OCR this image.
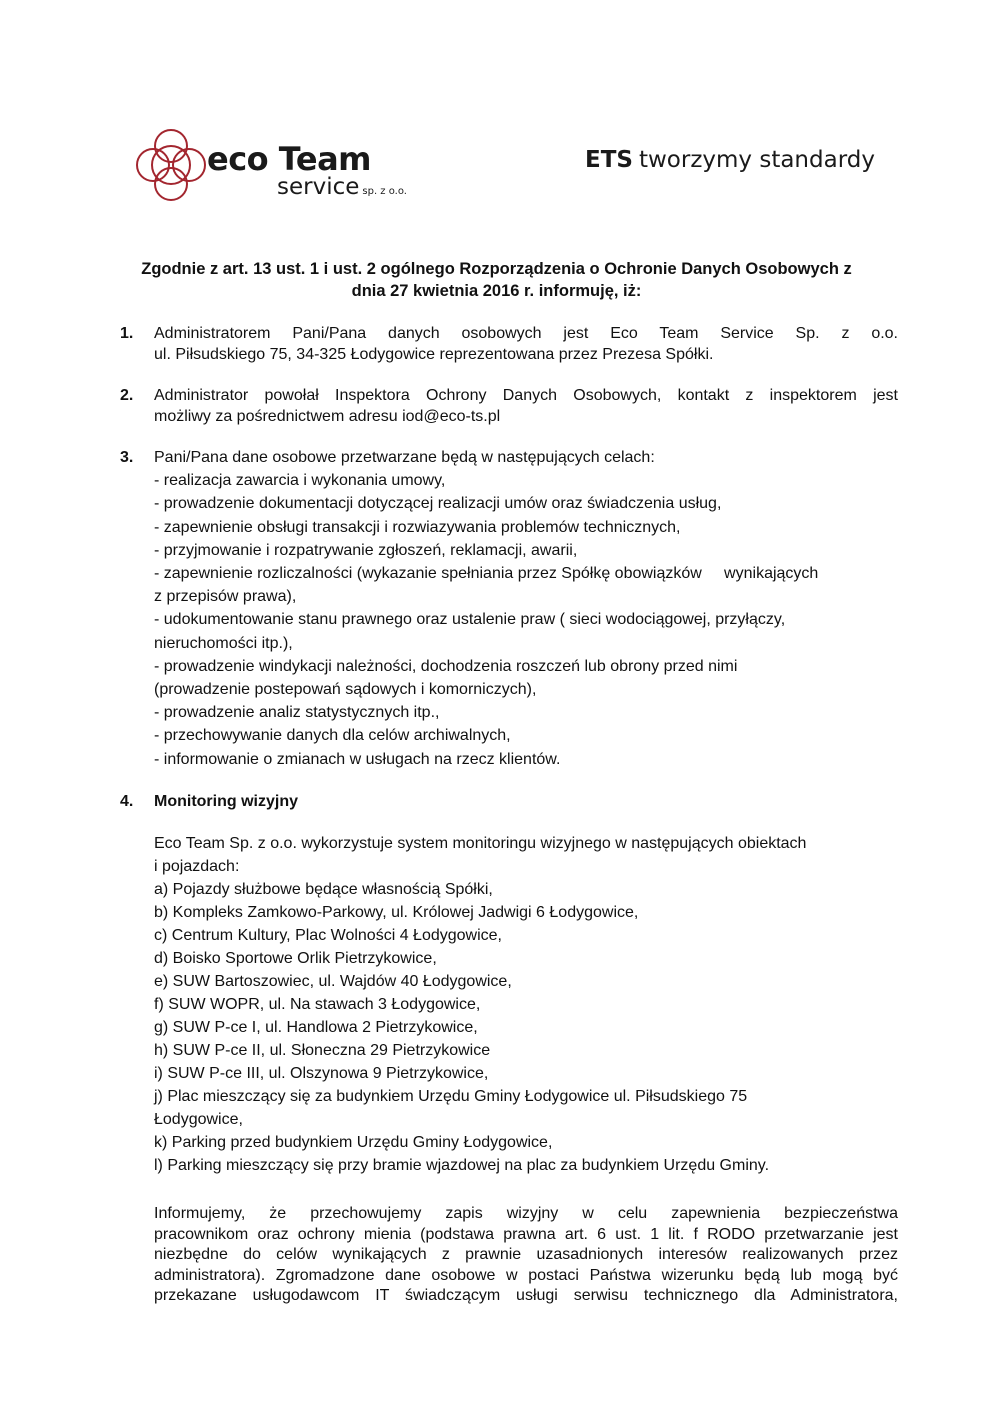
eco Team
service sp. z o.o.
ETS tworzymy standardy
Zgodnie z art. 13 ust. 1 i ust. 2 ogólnego Rozporządzenia o Ochronie Danych Osobowych z
dnia 27 kwietnia 2016 r. informuję, iż:
1. Administratorem Pani/Pana danych osobowych jest Eco Team Service Sp. z o.o.
ul. Piłsudskiego 75, 34-325 Łodygowice reprezentowana przez Prezesa Spółki.
2. Administrator powołał Inspektora Ochrony Danych Osobowych, kontakt z inspektorem jest
możliwy za pośrednictwem adresu iod@eco-ts.pl
3. Pani/Pana dane osobowe przetwarzane będą w następujących celach:
- realizacja zawarcia i wykonania umowy,
- prowadzenie dokumentacji dotyczącej realizacji umów oraz świadczenia usług,
- zapewnienie obsługi transakcji i rozwiazywania problemów technicznych,
- przyjmowanie i rozpatrywanie zgłoszeń, reklamacji, awarii,
- zapewnienie rozliczalności (wykazanie spełniania przez Spółkę obowiązków     wynikających
z przepisów prawa),
- udokumentowanie stanu prawnego oraz ustalenie praw ( sieci wodociągowej, przyłączy,
nieruchomości itp.),
- prowadzenie windykacji należności, dochodzenia roszczeń lub obrony przed nimi
(prowadzenie postepowań sądowych i komorniczych),
- prowadzenie analiz statystycznych itp.,
- przechowywanie danych dla celów archiwalnych,
- informowanie o zmianach w usługach na rzecz klientów.
4. Monitoring wizyjny
Eco Team Sp. z o.o. wykorzystuje system monitoringu wizyjnego w następujących obiektach
i pojazdach:
a) Pojazdy służbowe będące własnością Spółki,
b) Kompleks Zamkowo-Parkowy, ul. Królowej Jadwigi 6 Łodygowice,
c) Centrum Kultury, Plac Wolności 4 Łodygowice,
d) Boisko Sportowe Orlik Pietrzykowice,
e) SUW Bartoszowiec, ul. Wajdów 40 Łodygowice,
f) SUW WOPR, ul. Na stawach 3 Łodygowice,
g) SUW P-ce I, ul. Handlowa 2 Pietrzykowice,
h) SUW P-ce II, ul. Słoneczna 29 Pietrzykowice
i) SUW P-ce III, ul. Olszynowa 9 Pietrzykowice,
j) Plac mieszczący się za budynkiem Urzędu Gminy Łodygowice ul. Piłsudskiego 75
Łodygowice,
k) Parking przed budynkiem Urzędu Gminy Łodygowice,
l) Parking mieszczący się przy bramie wjazdowej na plac za budynkiem Urzędu Gminy.
Informujemy, że przechowujemy zapis wizyjny w celu zapewnienia bezpieczeństwa
pracownikom oraz ochrony mienia (podstawa prawna art. 6 ust. 1 lit. f RODO przetwarzanie jest
niezbędne do celów wynikających z prawnie uzasadnionych interesów realizowanych przez
administratora). Zgromadzone dane osobowe w postaci Państwa wizerunku będą lub mogą być
przekazane usługodawcom IT świadczącym usługi serwisu technicznego dla Administratora,
